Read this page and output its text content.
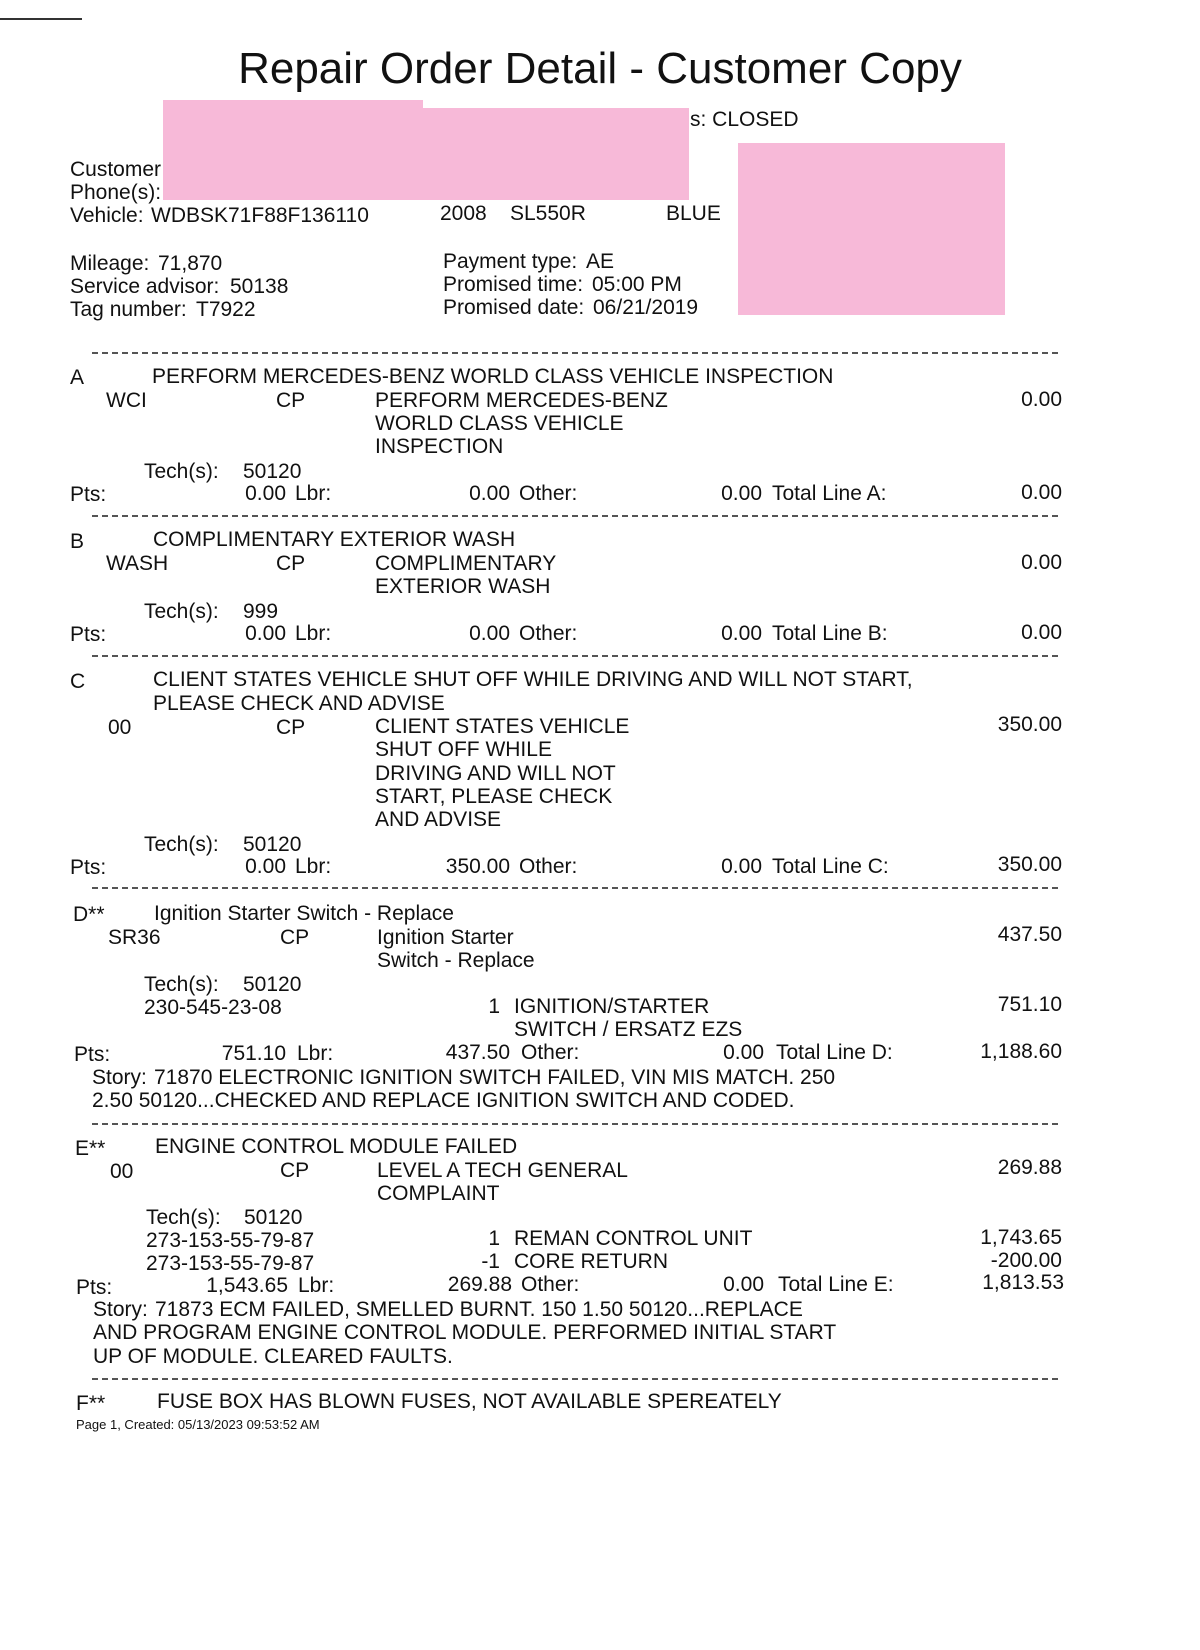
Repair Order Detail - Customer Copy
s: CLOSED
Customer
Phone(s):
Vehicle: WDBSK71F88F136110	2008 SL550R	BLUE
Mileage: 71,870
Service advisor: 50138
Tag number: T7922
Payment type: AE
Promised time: 05:00 PM
Promised date: 06/21/2019
A	PERFORM MERCEDES-BENZ WORLD CLASS VEHICLE INSPECTION
WCI	CP	PERFORM MERCEDES-BENZ
WORLD CLASS VEHICLE
INSPECTION
0.00
Tech(s): 50120
Pts:	0.00 Lbr:	0.00 Other:	0.00 Total Line A:	0.00
B	COMPLIMENTARY EXTERIOR WASH
WASH	CP	COMPLIMENTARY
EXTERIOR WASH
0.00
Tech(s): 999
Pts:	0.00 Lbr:	0.00 Other:	0.00 Total Line B:	0.00
C	CLIENT STATES VEHICLE SHUT OFF WHILE DRIVING AND WILL NOT START,
PLEASE CHECK AND ADVISE
00	CP	CLIENT STATES VEHICLE
SHUT OFF WHILE
DRIVING AND WILL NOT
START, PLEASE CHECK
AND ADVISE
350.00
Tech(s): 50120
Pts:	0.00 Lbr:	350.00 Other:	0.00 Total Line C:	350.00
D** Ignition Starter Switch - Replace
SR36	CP	Ignition Starter
Switch - Replace
437.50
Tech(s): 50120
230-545-23-08	1 IGNITION/STARTER
SWITCH / ERSATZ EZS
751.10
Pts:	751.10 Lbr:	437.50 Other:	0.00 Total Line D:	1,188.60
Story: 71870 ELECTRONIC IGNITION SWITCH FAILED, VIN MIS MATCH. 250
2.50 50120...CHECKED AND REPLACE IGNITION SWITCH AND CODED.
E** ENGINE CONTROL MODULE FAILED
00	CP	LEVEL A TECH GENERAL
COMPLAINT
269.88
Tech(s): 50120
273-153-55-79-87	1 REMAN CONTROL UNIT	1,743.65
273-153-55-79-87	-1 CORE RETURN	-200.00
Pts:	1,543.65 Lbr:	269.88 Other:	0.00 Total Line E:	1,813.53
Story: 71873 ECM FAILED, SMELLED BURNT. 150 1.50 50120...REPLACE
AND PROGRAM ENGINE CONTROL MODULE. PERFORMED INITIAL START
UP OF MODULE. CLEARED FAULTS.
F** FUSE BOX HAS BLOWN FUSES, NOT AVAILABLE SPEREATELY
Page 1, Created: 05/13/2023 09:53:52 AM
